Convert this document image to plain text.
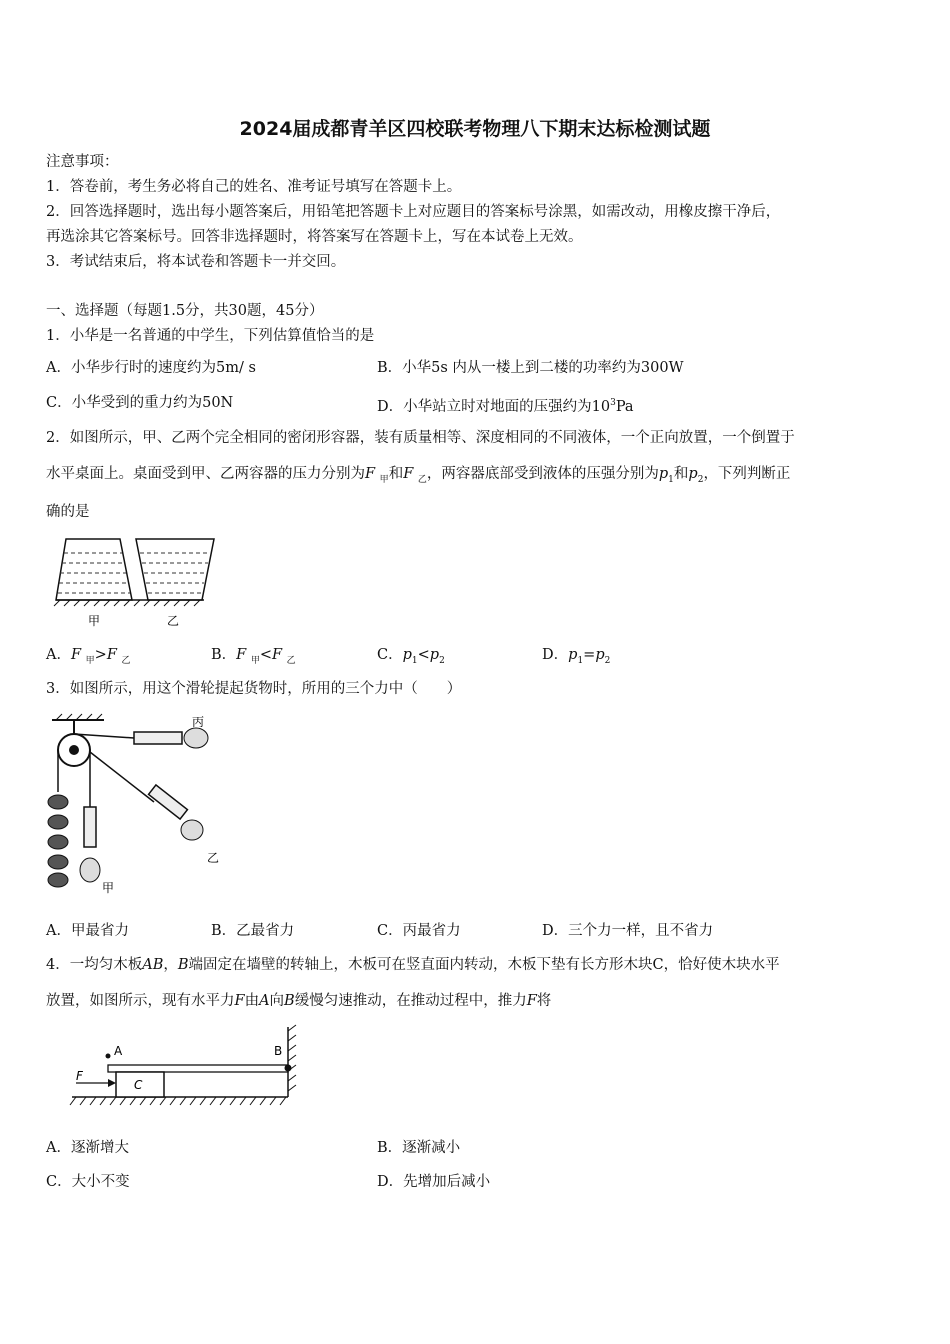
2024届成都青羊区四校联考物理八下期末达标检测试题
注意事项：
1．答卷前，考生务必将自己的姓名、准考证号填写在答题卡上。
2．回答选择题时，选出每小题答案后，用铅笔把答题卡上对应题目的答案标号涂黑，如需改动，用橡皮擦干净后，
再选涂其它答案标号。回答非选择题时，将答案写在答题卡上，写在本试卷上无效。
3．考试结束后，将本试卷和答题卡一并交回。
一、选择题（每题1.5分，共30题，45分）
1．小华是一名普通的中学生，下列估算值恰当的是
A．小华步行时的速度约为5m/ s	B．小华5s 内从一楼上到二楼的功率约为300W
C．小华受到的重力约为50N	D．小华站立时对地面的压强约为$10^3Pa$
2．如图所示，甲、乙两个完全相同的密闭形容器，装有质量相等、深度相同的不同液体，一个正向放置，一个倒置于
水平桌面上。桌面受到甲、乙两容器的压力分别为F $_甲$和F $_乙$，两容器底部受到液体的压强分别为$p_1$和$p_2$，下列判断正
确的是
甲	乙
A．F $_甲$>F $_乙$	B．F $_甲$<F $_乙$	C．$p_1<p_2$	D．$p_1=p_2$
3．如图所示，用这个滑轮提起货物时，所用的三个力中（　　）
丙
乙
甲
A．甲最省力	B．乙最省力	C．丙最省力	D．三个力一样，且不省力
4．一均匀木板AB，B端固定在墙壁的转轴上，木板可在竖直面内转动，木板下垫有长方形木块C，恰好使木块水平
放置，如图所示，现有水平力F由A向B缓慢匀速推动，在推动过程中，推力F将
A	B
C
F
A．逐渐增大	B．逐渐减小
C．大小不变	D．先增加后减小
